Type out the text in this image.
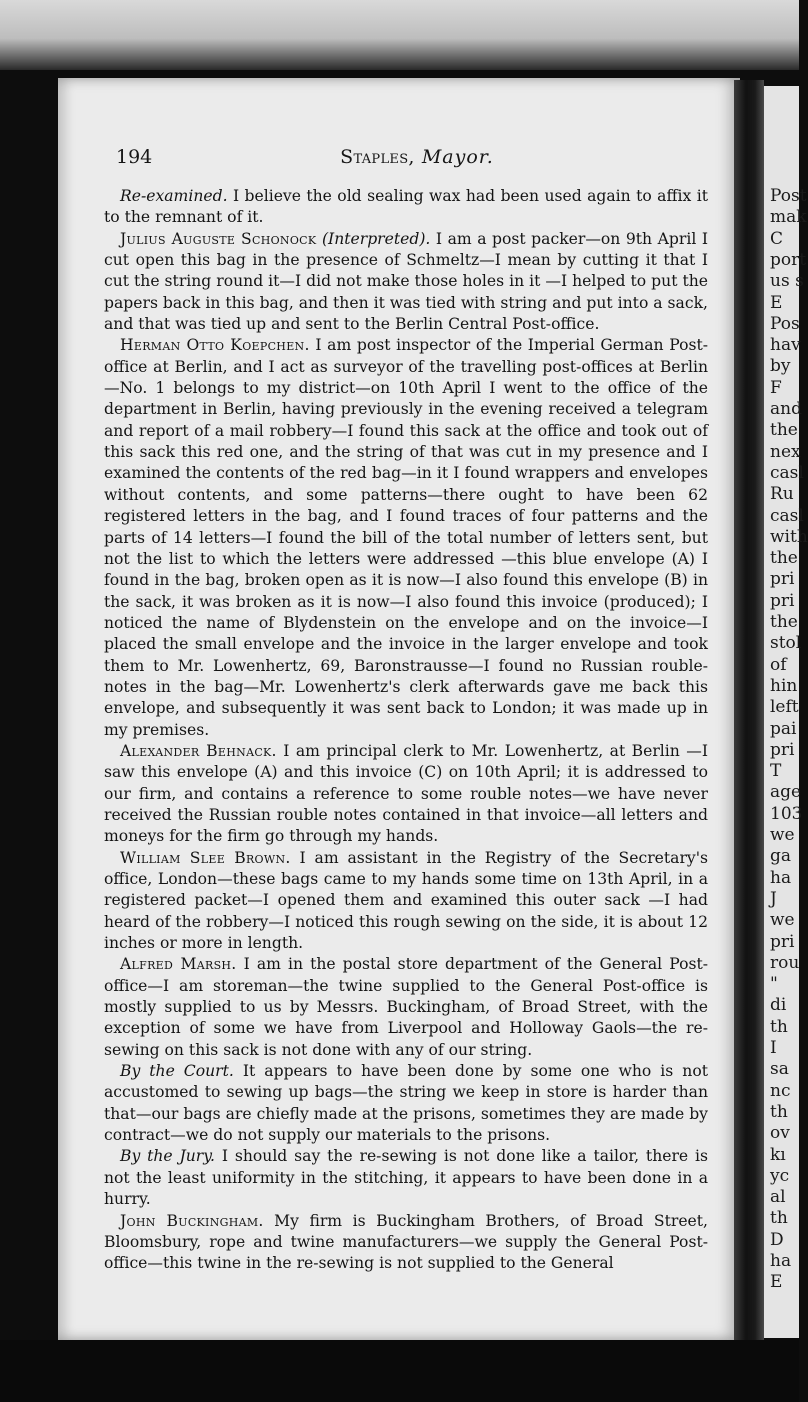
Post
mak
C
port
us s
E
Pos
hav
by
F
and
the
nex
casl
Ru
casl
with
the
pri
pri
the
stol
of
hin
left
pai
pri
T
age
103
we
ga
ha
J
we
pri
rou
"
di
th
I
sa
nc
th
ov
kı
yc
al
th
D
ha
E
194	Staples, Mayor.

Re-examined. I believe the old sealing wax had been used again to affix it to the remnant of it.

Julius Auguste Schonock (Interpreted). I am a post packer—on 9th April I cut open this bag in the presence of Schmeltz—I mean by cutting it that I cut the string round it—I did not make those holes in it —I helped to put the papers back in this bag, and then it was tied with string and put into a sack, and that was tied up and sent to the Berlin Central Post-office.

Herman Otto Koepchen. I am post inspector of the Imperial German Post-office at Berlin, and I act as surveyor of the travelling post-offices at Berlin—No. 1 belongs to my district—on 10th April I went to the office of the department in Berlin, having previously in the evening received a telegram and report of a mail robbery—I found this sack at the office and took out of this sack this red one, and the string of that was cut in my presence and I examined the contents of the red bag—in it I found wrappers and envelopes without contents, and some patterns—there ought to have been 62 registered letters in the bag, and I found traces of four patterns and the parts of 14 letters—I found the bill of the total number of letters sent, but not the list to which the letters were addressed —this blue envelope (A) I found in the bag, broken open as it is now—I also found this envelope (B) in the sack, it was broken as it is now—I also found this invoice (produced); I noticed the name of Blydenstein on the envelope and on the invoice—I placed the small envelope and the invoice in the larger envelope and took them to Mr. Lowenhertz, 69, Baronstrausse—I found no Russian rouble-notes in the bag—Mr. Lowenhertz's clerk afterwards gave me back this envelope, and subsequently it was sent back to London; it was made up in my premises.

Alexander Behnack. I am principal clerk to Mr. Lowenhertz, at Berlin —I saw this envelope (A) and this invoice (C) on 10th April; it is addressed to our firm, and contains a reference to some rouble notes—we have never received the Russian rouble notes contained in that invoice—all letters and moneys for the firm go through my hands.

William Slee Brown. I am assistant in the Registry of the Secretary's office, London—these bags came to my hands some time on 13th April, in a registered packet—I opened them and examined this outer sack —I had heard of the robbery—I noticed this rough sewing on the side, it is about 12 inches or more in length.

Alfred Marsh. I am in the postal store department of the General Post-office—I am storeman—the twine supplied to the General Post-office is mostly supplied to us by Messrs. Buckingham, of Broad Street, with the exception of some we have from Liverpool and Holloway Gaols—the re-sewing on this sack is not done with any of our string.

By the Court. It appears to have been done by some one who is not accustomed to sewing up bags—the string we keep in store is harder than that—our bags are chiefly made at the prisons, sometimes they are made by contract—we do not supply our materials to the prisons.

By the Jury. I should say the re-sewing is not done like a tailor, there is not the least uniformity in the stitching, it appears to have been done in a hurry.

John Buckingham. My firm is Buckingham Brothers, of Broad Street, Bloomsbury, rope and twine manufacturers—we supply the General Post-office—this twine in the re-sewing is not supplied to the General
